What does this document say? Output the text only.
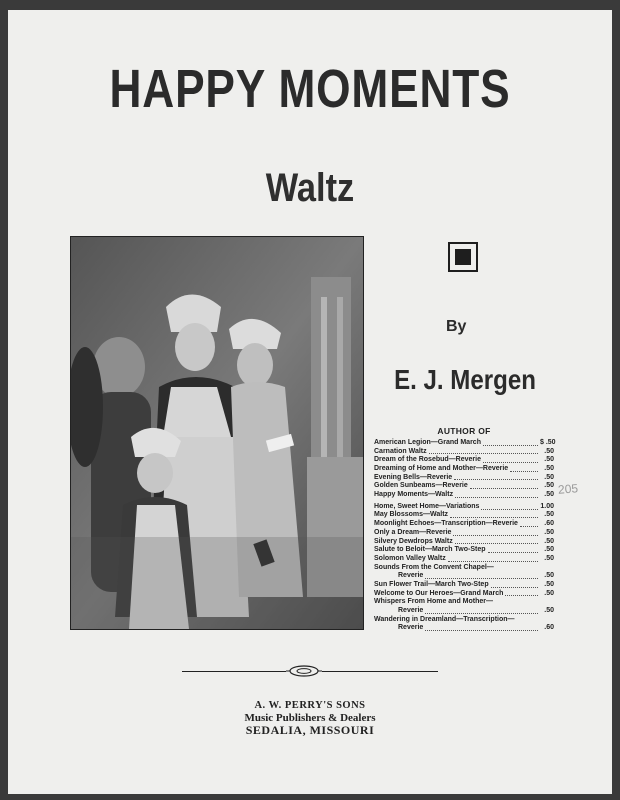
HAPPY MOMENTS
Waltz
By
E. J. Mergen
AUTHOR OF
American Legion—Grand March	$ .50
Carnation Waltz	.50
Dream of the Rosebud—Reverie	.50
Dreaming of Home and Mother—Reverie	.50
Evening Bells—Reverie	.50
Golden Sunbeams—Reverie	.50
Happy Moments—Waltz	.50
Home, Sweet Home—Variations	1.00
May Blossoms—Waltz	.50
Moonlight Echoes—Transcription—Reverie	.60
Only a Dream—Reverie	.50
Silvery Dewdrops Waltz	.50
Salute to Beloit—March Two-Step	.50
Solomon Valley Waltz	.50
Sounds From the Convent Chapel—
Reverie	.50
Sun Flower Trail—March Two-Step	.50
Welcome to Our Heroes—Grand March	.50
Whispers From Home and Mother—
Reverie	.50
Wandering in Dreamland—Transcription—
Reverie	.60
A. W. PERRY'S SONS
Music Publishers & Dealers
SEDALIA, MISSOURI
205
